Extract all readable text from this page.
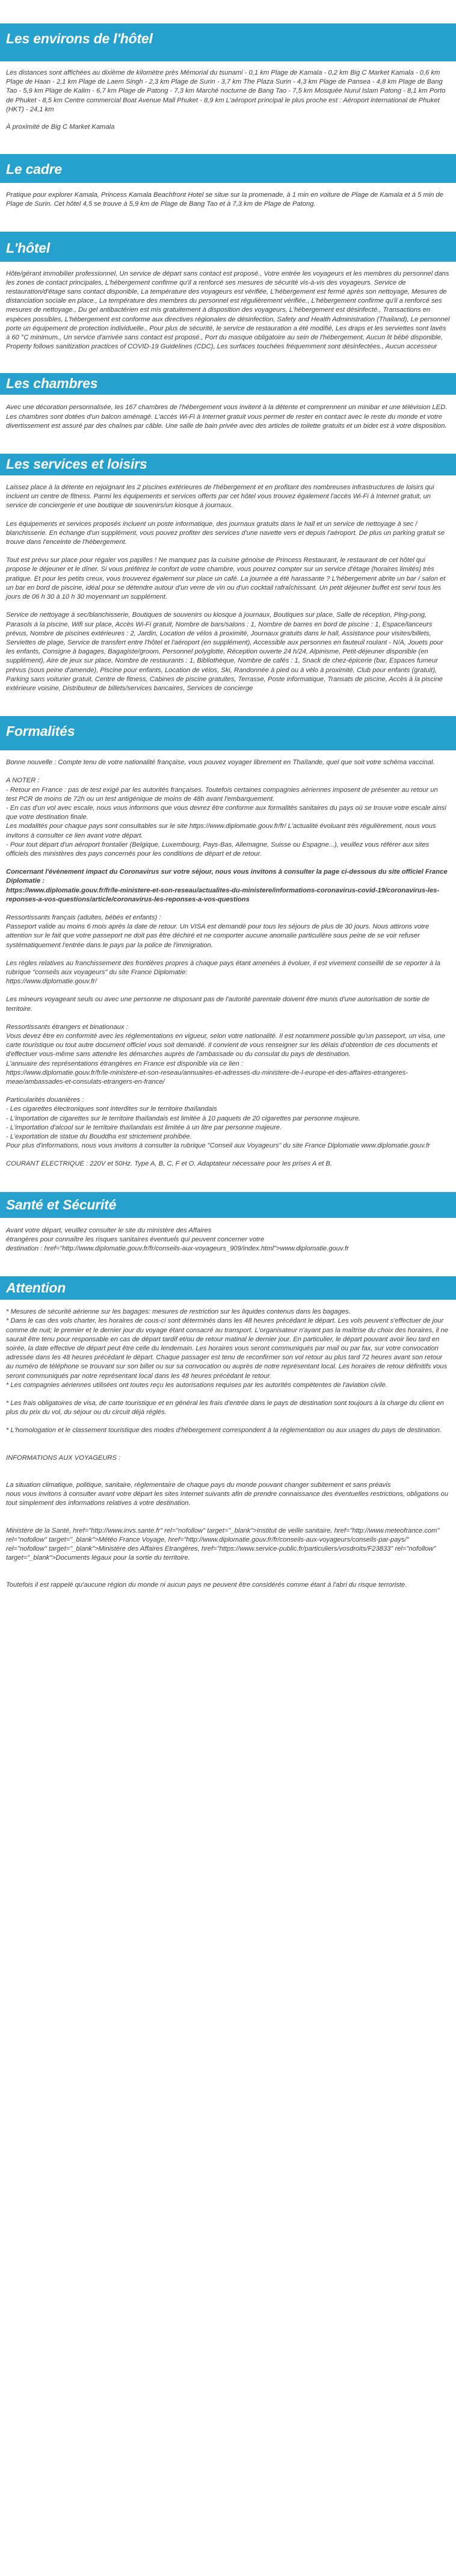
Les environs de l'hôtel

Les distances sont affichées au dixième de kilomètre près Mémorial du tsunami - 0,1 km Plage de Kamala - 0,2 km Big C Market Kamala - 0,6 km Plage de Haan - 2,1 km Plage de Laem Singh - 2,3 km Plage de Surin - 3,7 km The Plaza Surin - 4,3 km Plage de Pansea - 4,8 km Plage de Bang Tao - 5,9 km Plage de Kalim - 6,7 km Plage de Patong - 7,3 km Marché nocturne de Bang Tao - 7,5 km Mosquée Nurul Islam Patong - 8,1 km Porto de Phuket - 8,5 km Centre commercial Boat Avenue Mall Phuket - 8,9 km L'aéroport principal le plus proche est : Aéroport international de Phuket (HKT) - 24,1 km

À proximité de Big C Market Kamala

Le cadre

Pratique pour explorer Kamala, Princess Kamala Beachfront Hotel se situe sur la promenade, à 1 min en voiture de Plage de Kamala et à 5 min de Plage de Surin. Cet hôtel 4,5 se trouve à 5,9 km de Plage de Bang Tao et à 7,3 km de Plage de Patong.

L'hôtel

Hôte/gérant immobilier professionnel, Un service de départ sans contact est proposé., Votre entrée les voyageurs et les membres du personnel dans les zones de contact principales, L'hébergement confirme qu'il a renforcé ses mesures de sécurité vis-à-vis des voyageurs. Service de restauration/d'étage sans contact disponible, La température des voyageurs est vérifiée, L'hébergement est fermé après son nettoyage, Mesures de distanciation sociale en place., La température des membres du personnel est régulièrement vérifiée., L'hébergement confirme qu'il a renforcé ses mesures de nettoyage., Du gel antibactérien est mis gratuitement à disposition des voyageurs, L'hébergement est désinfecté., Transactions en espèces possibles, L'hébergement est conforme aux directives régionales de désinfection, Safety and Health Administration (Thailand), Le personnel porte un équipement de protection individuelle., Pour plus de sécurité, le service de restauration a été modifié, Les draps et les serviettes sont lavés à 60 °C minimum., Un service d'arrivée sans contact est proposé., Port du masque obligatoire au sein de l'hébergement, Aucun lit bébé disponible, Property follows sanitization practices of COVID-19 Guidelines (CDC), Les surfaces touchées fréquemment sont désinfectées., Aucun accesseur

Les chambres

Avec une décoration personnalisée, les 167 chambres de l'hébergement vous invitent à la détente et comprennent un minibar et une télévision LED. Les chambres sont dotées d'un balcon aménagé. L'accès Wi-Fi à Internet gratuit vous permet de rester en contact avec le reste du monde et votre divertissement est assuré par des chaînes par câble. Une salle de bain privée avec des articles de toilette gratuits et un bidet est à votre disposition.

Les services et loisirs

Laissez place à la détente en rejoignant les 2 piscines extérieures de l'hébergement et en profitant des nombreuses infrastructures de loisirs qui incluent un centre de fitness. Parmi les équipements et services offerts par cet hôtel vous trouvez également l'accès Wi-Fi à Internet gratuit, un service de conciergerie et une boutique de souvenirs/un kiosque à journaux.

Les équipements et services proposés incluent un poste informatique, des journaux gratuits dans le hall et un service de nettoyage à sec / blanchisserie. En échange d'un supplément, vous pouvez profiter des services d'une navette vers et depuis l'aéroport. De plus un parking gratuit se trouve dans l'enceinte de l'hébergement.

Tout est prévu sur place pour régaler vos papilles ! Ne manquez pas la cuisine génoise de Princess Restaurant, le restaurant de cet hôtel qui propose le déjeuner et le dîner. Si vous préférez le confort de votre chambre, vous pourrez compter sur un service d'étage (horaires limités) très pratique. Et pour les petits creux, vous trouverez également sur place un café. La journée a été harassante ? L'hébergement abrite un bar / salon et un bar en bord de piscine, idéal pour se détendre autour d'un verre de vin ou d'un cocktail rafraîchissant. Un petit déjeuner buffet est servi tous les jours de 06 h 30 à 10 h 30 moyennant un supplément.

Service de nettoyage à sec/blanchisserie, Boutiques de souvenirs ou kiosque à journaux, Boutiques sur place, Salle de réception, Ping-pong, Parasols à la piscine, Wifi sur place, Accès Wi-Fi gratuit, Nombre de bars/salons : 1, Nombre de barres en bord de piscine : 1, Espace/lanceurs prévus, Nombre de piscines extérieures : 2, Jardin, Location de vélos à proximité, Journaux gratuits dans le hall, Assistance pour visites/billets, Serviettes de plage, Service de transfert entre l'hôtel et l'aéroport (en supplément), Accessible aux personnes en fauteuil roulant - N/A, Jouets pour les enfants, Consigne à bagages, Bagagiste/groom, Personnel polyglotte, Réception ouverte 24 h/24, Alpinisme, Petit-déjeuner disponible (en supplément), Aire de jeux sur place, Nombre de restaurants : 1, Bibliothèque, Nombre de cafés : 1, Snack de chez-épicerie (bar, Espaces fumeur prévus (sous peine d'amende), Piscine pour enfants, Location de vélos, Ski, Randonnée à pied ou à vélo à proximité, Club pour enfants (gratuit), Parking sans voiturier gratuit, Centre de fitness, Cabines de piscine gratuites, Terrasse, Poste informatique, Transats de piscine, Accès à la piscine extérieure voisine, Distributeur de billets/services bancaires, Services de concierge

Formalités

Bonne nouvelle : Compte tenu de votre nationalité française, vous pouvez voyager librement en Thaïlande, quel que soit votre schéma vaccinal.

A NOTER :
- Retour en France : pas de test exigé par les autorités françaises. Toutefois certaines compagnies aériennes imposent de présenter au retour un test PCR de moins de 72h ou un test antigénique de moins de 48h avant l'embarquement.
- En cas d'un vol avec escale, nous vous informons que vous devrez être conforme aux formalités sanitaires du pays où se trouve votre escale ainsi que votre destination finale.
Les modalités pour chaque pays sont consultables sur le site https://www.diplomatie.gouv.fr/fr/ L'actualité évoluant très régulièrement, nous vous invitons à consulter ce lien avant votre départ.
- Pour tout départ d'un aéroport frontalier (Belgique, Luxembourg, Pays-Bas, Allemagne, Suisse ou Espagne...), veuillez vous référer aux sites officiels des ministères des pays concernés pour les conditions de départ et de retour.

Concernant l'évènement impact du Coronavirus sur votre séjour, nous vous invitons à consulter la page ci-dessous du site officiel France Diplomatie :
https://www.diplomatie.gouv.fr/fr/le-ministere-et-son-reseau/actualites-du-ministere/informations-coronavirus-covid-19/coronavirus-les-reponses-a-vos-questions/article/coronavirus-les-reponses-a-vos-questions

Ressortissants français (adultes, bébés et enfants) :
Passeport valide au moins 6 mois après la date de retour. Un VISA est demandé pour tous les séjours de plus de 30 jours. Nous attirons votre attention sur le fait que votre passeport ne doit pas être déchiré et ne comporter aucune anomalie particulière sous peine de se voir refuser systématiquement l'entrée dans le pays par la police de l'immigration.

Les règles relatives au franchissement des frontières propres à chaque pays étant amenées à évoluer, il est vivement conseillé de se reporter à la rubrique "conseils aux voyageurs" du site France Diplomatie:
https://www.diplomatie.gouv.fr/

Les mineurs voyageant seuls ou avec une personne ne disposant pas de l'autorité parentale doivent être munis d'une autorisation de sortie de territoire.

Ressortissants étrangers et binationaux :
Vous devez être en conformité avec les réglementations en vigueur, selon votre nationalité. Il est notamment possible qu'un passeport, un visa, une carte touristique ou tout autre document officiel vous soit demandé. Il convient de vous renseigner sur les délais d'obtention de ces documents et d'effectuer vous-même sans attendre les démarches auprès de l'ambassade ou du consulat du pays de destination.
L'annuaire des représentations étrangères en France est disponible via ce lien :
https://www.diplomatie.gouv.fr/fr/le-ministere-et-son-reseau/annuaires-et-adresses-du-ministere-de-l-europe-et-des-affaires-etrangeres-meae/ambassades-et-consulats-etrangers-en-france/

Particularités douanières :
- Les cigarettes électroniques sont interdites sur le territoire thaïlandais
- L'importation de cigarettes sur le territoire thaïlandais est limitée à 10 paquets de 20 cigarettes par personne majeure.
- L'importation d'alcool sur le territoire thaïlandais est limitée à un litre par personne majeure.
- L'exportation de statue du Bouddha est strictement prohibée.
Pour plus d'informations, nous vous invitons à consulter la rubrique "Conseil aux Voyageurs" du site France Diplomatie www.diplomatie.gouv.fr

COURANT ELECTRIQUE : 220V et 50Hz. Type A, B, C, F et O. Adaptateur nécessaire pour les prises A et B.

Santé et Sécurité

Avant votre départ, veuillez consulter le site du ministère des Affaires
étrangères pour connaître les risques sanitaires éventuels qui peuvent concerner votre
destination : href="http://www.diplomatie.gouv.fr/fr/conseils-aux-voyageurs_909/index.html">www.diplomatie.gouv.fr

Attention

* Mesures de sécurité aérienne sur les bagages: mesures de restriction sur les liquides contenus dans les bagages.
* Dans le cas des vols charter, les horaires de cous-ci sont déterminés dans les 48 heures précédant le départ. Les vols peuvent s'effectuer de jour comme de nuit; le premier et le dernier jour du voyage étant consacré au transport. L'organisateur n'ayant pas la maîtrise du choix des horaires, il ne saurait être tenu pour responsable en cas de départ tardif et/ou de retour matinal le dernier jour. En particulier, le départ pouvant avoir lieu tard en soirée, la date effective de départ peut être celle du lendemain. Les horaires vous seront communiqués par mail ou par fax, sur votre convocation adressée dans les 48 heures précédant le départ. Chaque passager est tenu de reconfirmer son vol retour au plus tard 72 heures avant son retour au numéro de téléphone se trouvant sur son billet ou sur sa convocation ou auprès de notre représentant local. Les horaires de retour définitifs vous seront communiqués par notre représentant local dans les 48 heures précédant le retour.
* Les compagnies aériennes utilisées ont toutes reçu les autorisations requises par les autorités compétentes de l'aviation civile.

* Les frais obligatoires de visa, de carte touristique et en général les frais d'entrée dans le pays de destination sont toujours à la charge du client en plus du prix du vol, du séjour ou du circuit déjà réglés.

* L'homologation et le classement touristique des modes d'hébergement correspondent à la réglementation ou aux usages du pays de destination.

INFORMATIONS AUX VOYAGEURS :

La situation climatique, politique, sanitaire, réglementaire de chaque pays du monde pouvant changer subitement et sans préavis
nous vous invitons à consulter avant votre départ les sites Internet suivants afin de prendre connaissance des éventuelles restrictions, obligations ou tout simplement des informations relatives à votre destination.

Ministère de la Santé, href="http://www.invs.sante.fr" rel="nofollow" target="_blank">Institut de veille sanitaire, href="http://www.meteofrance.com" rel="nofollow" target="_blank">Météo France Voyage, href="http://www.diplomatie.gouv.fr/fr/conseils-aux-voyageurs/conseils-par-pays/" rel="nofollow" target="_blank">Ministère des Affaires Etrangères, href="https://www.service-public.fr/particuliers/vosdroits/F23833" rel="nofollow" target="_blank">Documents légaux pour la sortie du territoire.

Toutefois il est rappelé qu'aucune région du monde ni aucun pays ne peuvent être considérés comme étant à l'abri du risque terroriste.
